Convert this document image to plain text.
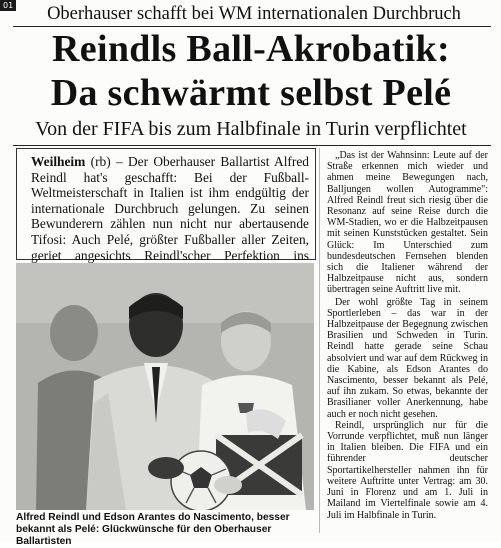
01	Oberhauser schafft bei WM internationalen Durchbruch
Reindls Ball-Akrobatik:
Da schwärmt selbst Pelé
Von der FIFA bis zum Halbfinale in Turin verpflichtet
Weilheim (rb) – Der Oberhauser Ballartist Alfred Reindl hat's geschafft: Bei der Fußball-Weltmeisterschaft in Italien ist ihm endgültig der internationale Durchbruch gelungen. Zu seinen Bewunderern zählen nun nicht nur abertausende Tifosi: Auch Pelé, größter Fußballer aller Zeiten, geriet angesichts Reindl'scher Perfektion ins

„Das ist der Wahnsinn: Leute auf der Straße erkennen mich wieder und ahmen meine Bewegungen nach, Balljungen wollen Autogramme": Alfred Reindl freut sich riesig über die Resonanz auf seine Reise durch die WM-Stadien, wo er die Halbzeitpausen mit seinen Kunststücken gestaltet. Sein Glück: Im Unterschied zum bundesdeutschen Fernsehen blenden sich die Italiener während der Halbzeitpause nicht aus, sondern übertragen seine Auftritt live mit.

Der wohl größte Tag in seinem Sportlerleben – das war in der Halbzeitpause der Begegnung zwischen Brasilien und Schweden in Turin. Reindl hatte gerade seine Schau absolviert und war auf dem Rückweg in die Kabine, als Edson Arantes do Nascimento, besser bekannt als Pelé, auf ihn zukam. So etwas, bekannte der Brasilianer voller Anerkennung, habe auch er noch nicht gesehen.

Reindl, ursprünglich nur für die Vorrunde verpflichtet, muß nun länger in Italien bleiben. Die FIFA und ein führender deutscher Sportartikelhersteller nahmen ihn für weitere Auftritte unter Vertrag: am 30. Juni in Florenz und am 1. Juli in Mailand im Viertelfinale sowie am 4. Juli im Halbfinale in Turin.

Alfred Reindl und Edson Arantes do Nascimento, besser bekannt als Pelé: Glückwünsche für den Oberhauser Ballartisten
